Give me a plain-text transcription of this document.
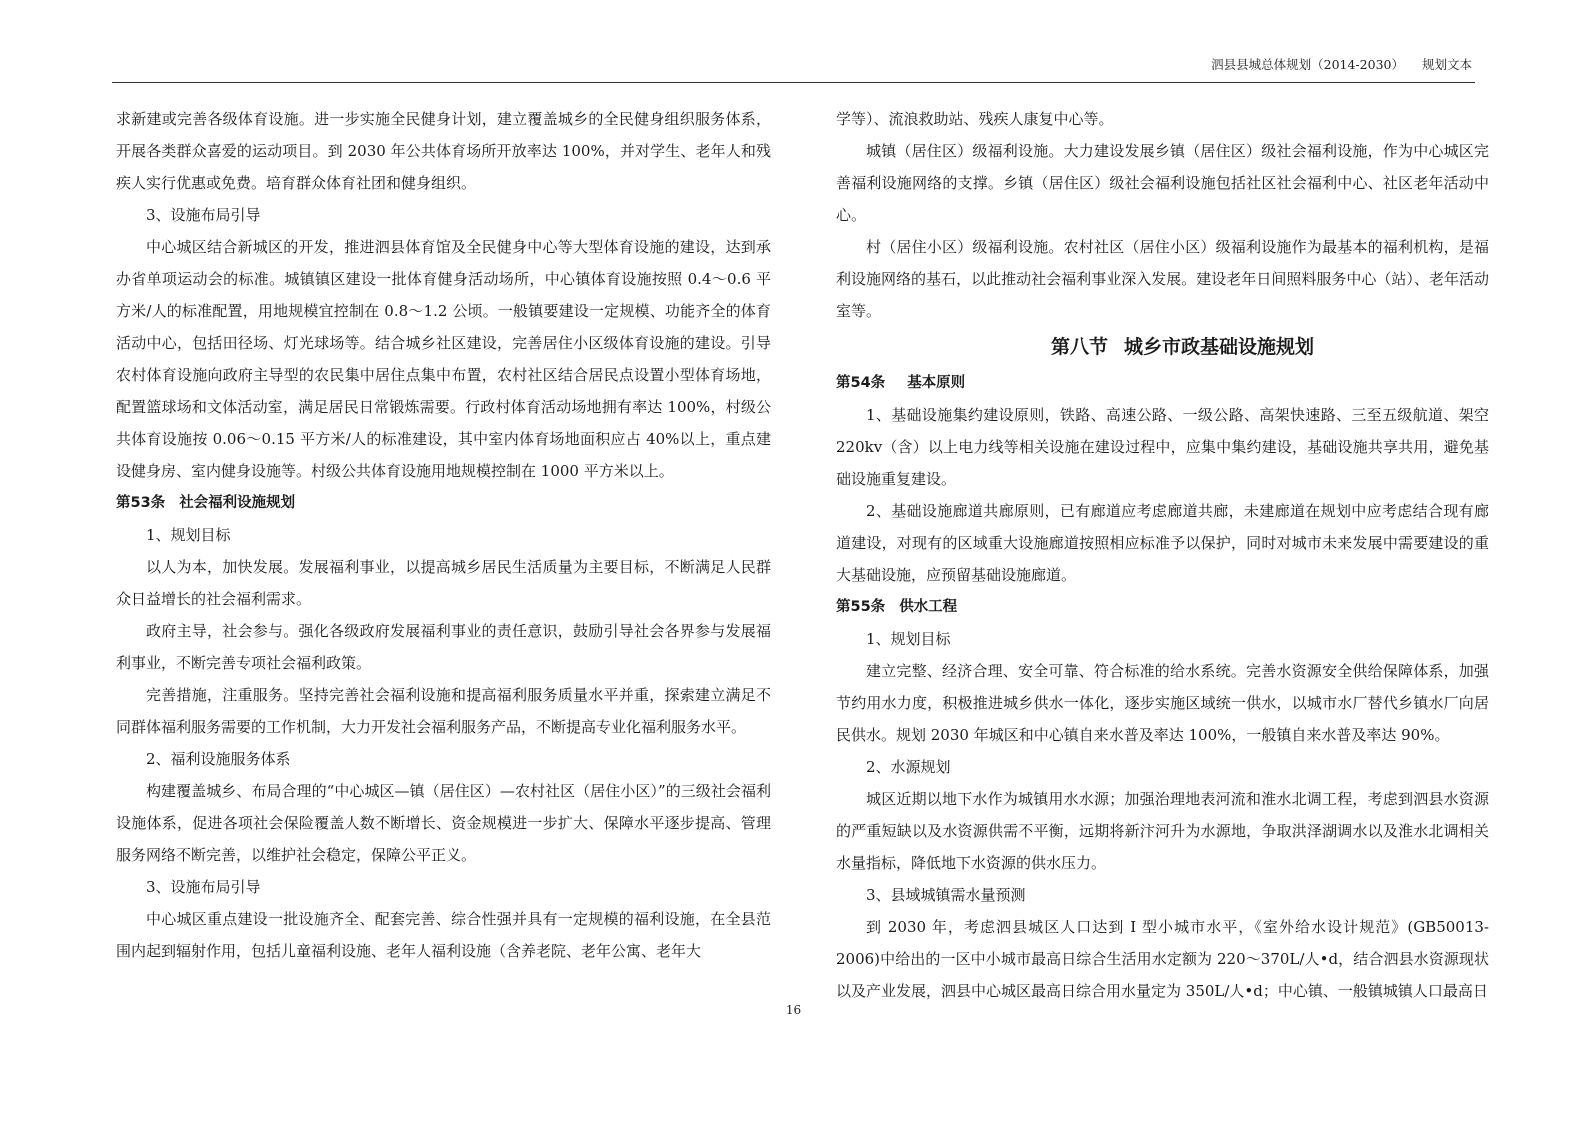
泗县县城总体规划（2014-2030） 规划文本

求新建或完善各级体育设施。进一步实施全民健身计划，建立覆盖城乡的全民健身组织服务体系，开展各类群众喜爱的运动项目。到 2030 年公共体育场所开放率达 100%，并对学生、老年人和残疾人实行优惠或免费。培育群众体育社团和健身组织。

3、设施布局引导

中心城区结合新城区的开发，推进泗县体育馆及全民健身中心等大型体育设施的建设，达到承办省单项运动会的标准。城镇镇区建设一批体育健身活动场所，中心镇体育设施按照 0.4～0.6 平方米/人的标准配置，用地规模宜控制在 0.8～1.2 公顷。一般镇要建设一定规模、功能齐全的体育活动中心，包括田径场、灯光球场等。结合城乡社区建设，完善居住小区级体育设施的建设。引导农村体育设施向政府主导型的农民集中居住点集中布置，农村社区结合居民点设置小型体育场地，配置篮球场和文体活动室，满足居民日常锻炼需要。行政村体育活动场地拥有率达 100%，村级公共体育设施按 0.06～0.15 平方米/人的标准建设，其中室内体育场地面积应占 40%以上，重点建设健身房、室内健身设施等。村级公共体育设施用地规模控制在 1000 平方米以上。

第53条 社会福利设施规划

1、规划目标

以人为本，加快发展。发展福利事业，以提高城乡居民生活质量为主要目标，不断满足人民群众日益增长的社会福利需求。

政府主导，社会参与。强化各级政府发展福利事业的责任意识，鼓励引导社会各界参与发展福利事业，不断完善专项社会福利政策。

完善措施，注重服务。坚持完善社会福利设施和提高福利服务质量水平并重，探索建立满足不同群体福利服务需要的工作机制，大力开发社会福利服务产品，不断提高专业化福利服务水平。

2、福利设施服务体系

构建覆盖城乡、布局合理的“中心城区—镇（居住区）—农村社区（居住小区）”的三级社会福利设施体系，促进各项社会保险覆盖人数不断增长、资金规模进一步扩大、保障水平逐步提高、管理服务网络不断完善，以维护社会稳定，保障公平正义。

3、设施布局引导

中心城区重点建设一批设施齐全、配套完善、综合性强并具有一定规模的福利设施，在全县范围内起到辐射作用，包括儿童福利设施、老年人福利设施（含养老院、老年公寓、老年大

学等）、流浪救助站、残疾人康复中心等。

城镇（居住区）级福利设施。大力建设发展乡镇（居住区）级社会福利设施，作为中心城区完善福利设施网络的支撑。乡镇（居住区）级社会福利设施包括社区社会福利中心、社区老年活动中心。

村（居住小区）级福利设施。农村社区（居住小区）级福利设施作为最基本的福利机构，是福利设施网络的基石，以此推动社会福利事业深入发展。建设老年日间照料服务中心（站）、老年活动室等。

第八节 城乡市政基础设施规划

第54条 基本原则

1、基础设施集约建设原则，铁路、高速公路、一级公路、高架快速路、三至五级航道、架空 220kv（含）以上电力线等相关设施在建设过程中，应集中集约建设，基础设施共享共用，避免基础设施重复建设。

2、基础设施廊道共廊原则，已有廊道应考虑廊道共廊，未建廊道在规划中应考虑结合现有廊道建设，对现有的区域重大设施廊道按照相应标准予以保护，同时对城市未来发展中需要建设的重大基础设施，应预留基础设施廊道。

第55条 供水工程

1、规划目标

建立完整、经济合理、安全可靠、符合标准的给水系统。完善水资源安全供给保障体系，加强节约用水力度，积极推进城乡供水一体化，逐步实施区域统一供水，以城市水厂替代乡镇水厂向居民供水。规划 2030 年城区和中心镇自来水普及率达 100%，一般镇自来水普及率达 90%。

2、水源规划

城区近期以地下水作为城镇用水水源；加强治理地表河流和淮水北调工程，考虑到泗县水资源的严重短缺以及水资源供需不平衡，远期将新汴河升为水源地，争取洪泽湖调水以及淮水北调相关水量指标，降低地下水资源的供水压力。

3、县域城镇需水量预测

到 2030 年，考虑泗县城区人口达到 I 型小城市水平，《室外给水设计规范》(GB50013-2006)中给出的一区中小城市最高日综合生活用水定额为 220～370L/人•d，结合泗县水资源现状以及产业发展，泗县中心城区最高日综合用水量定为 350L/人•d；中心镇、一般镇城镇人口最高日

16
